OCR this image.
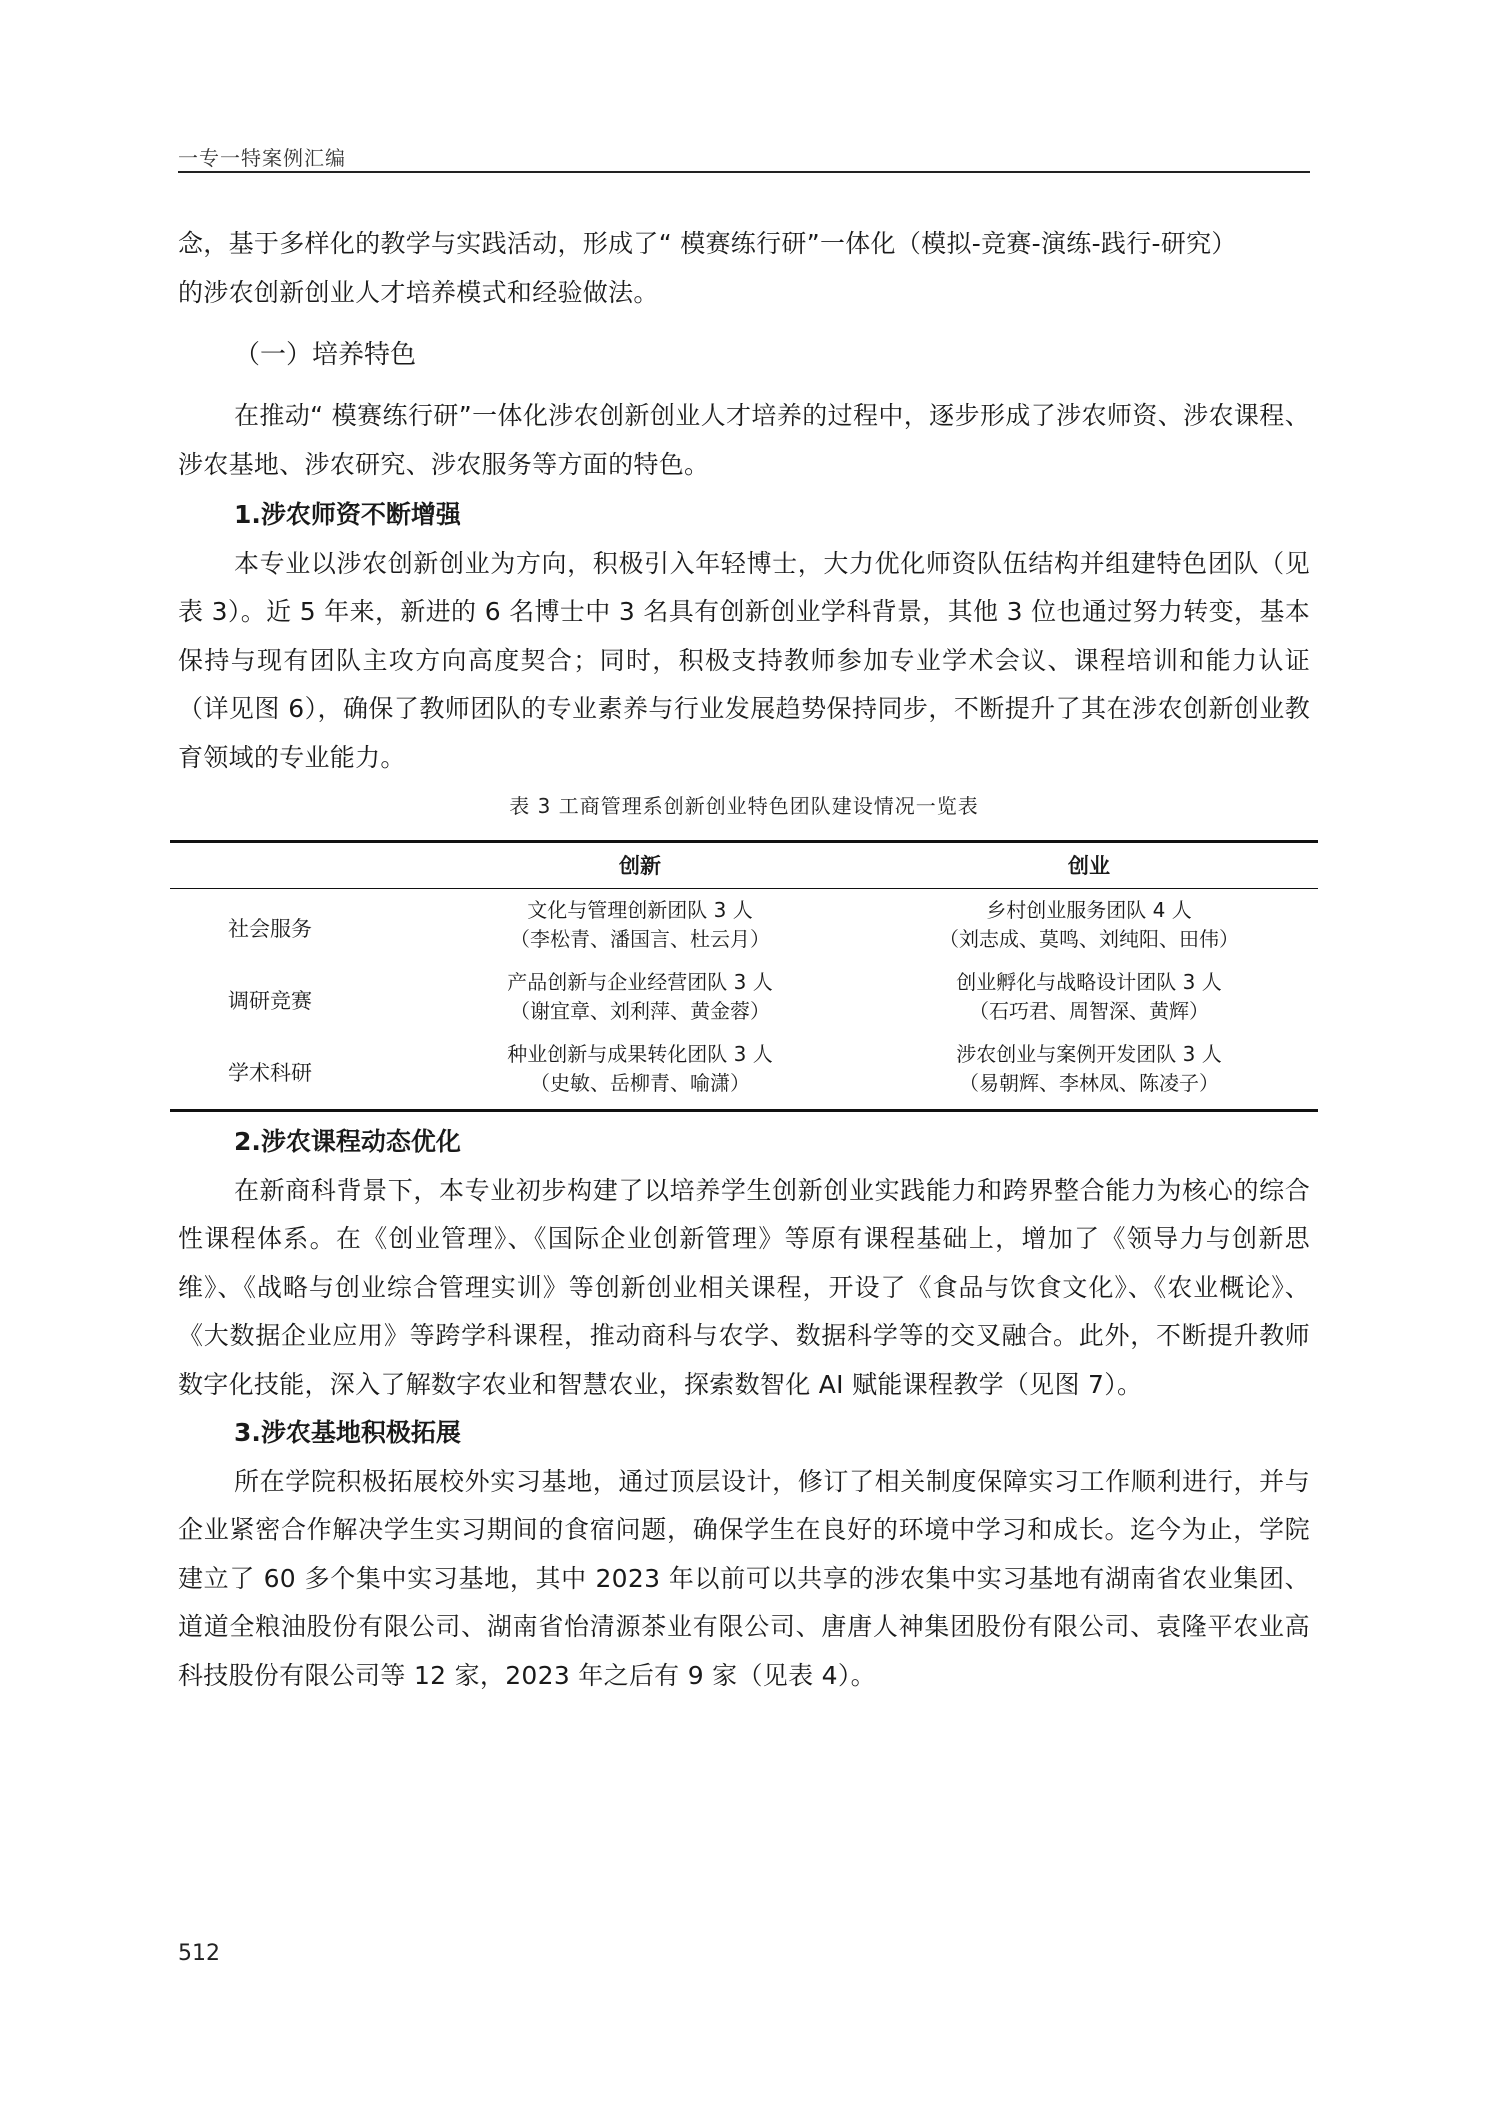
一专一特案例汇编

念，基于多样化的教学与实践活动，形成了“ 模赛练行研”一体化（模拟-竞赛-演练-践行-研究）

的涉农创新创业人才培养模式和经验做法。

（一）培养特色

在推动“ 模赛练行研”一体化涉农创新创业人才培养的过程中，逐步形成了涉农师资、涉农课程、涉农基地、涉农研究、涉农服务等方面的特色。

1.涉农师资不断增强

本专业以涉农创新创业为方向，积极引入年轻博士，大力优化师资队伍结构并组建特色团队（见表 3）。近 5 年来，新进的 6 名博士中 3 名具有创新创业学科背景，其他 3 位也通过努力转变，基本保持与现有团队主攻方向高度契合；同时，积极支持教师参加专业学术会议、课程培训和能力认证（详见图 6），确保了教师团队的专业素养与行业发展趋势保持同步，不断提升了其在涉农创新创业教育领域的专业能力。

表 3 工商管理系创新创业特色团队建设情况一览表
创新	创业
社会服务
文化与管理创新团队 3 人
（李松青、潘国言、杜云月）
乡村创业服务团队 4 人
（刘志成、莫鸣、刘纯阳、田伟）
调研竞赛
产品创新与企业经营团队 3 人
（谢宜章、刘利萍、黄金蓉）
创业孵化与战略设计团队 3 人
（石巧君、周智深、黄辉）
学术科研
种业创新与成果转化团队 3 人
（史敏、岳柳青、喻潇）
涉农创业与案例开发团队 3 人
（易朝辉、李林凤、陈凌子）

2.涉农课程动态优化

在新商科背景下，本专业初步构建了以培养学生创新创业实践能力和跨界整合能力为核心的综合性课程体系。在《创业管理》、《国际企业创新管理》等原有课程基础上，增加了《领导力与创新思维》、《战略与创业综合管理实训》等创新创业相关课程，开设了《食品与饮食文化》、《农业概论》、《大数据企业应用》等跨学科课程，推动商科与农学、数据科学等的交叉融合。此外，不断提升教师数字化技能，深入了解数字农业和智慧农业，探索数智化 AI 赋能课程教学（见图 7）。

3.涉农基地积极拓展

所在学院积极拓展校外实习基地，通过顶层设计，修订了相关制度保障实习工作顺利进行，并与企业紧密合作解决学生实习期间的食宿问题，确保学生在良好的环境中学习和成长。迄今为止，学院建立了 60 多个集中实习基地，其中 2023 年以前可以共享的涉农集中实习基地有湖南省农业集团、道道全粮油股份有限公司、湖南省怡清源茶业有限公司、唐唐人神集团股份有限公司、袁隆平农业高科技股份有限公司等 12 家，2023 年之后有 9 家（见表 4）。

512
